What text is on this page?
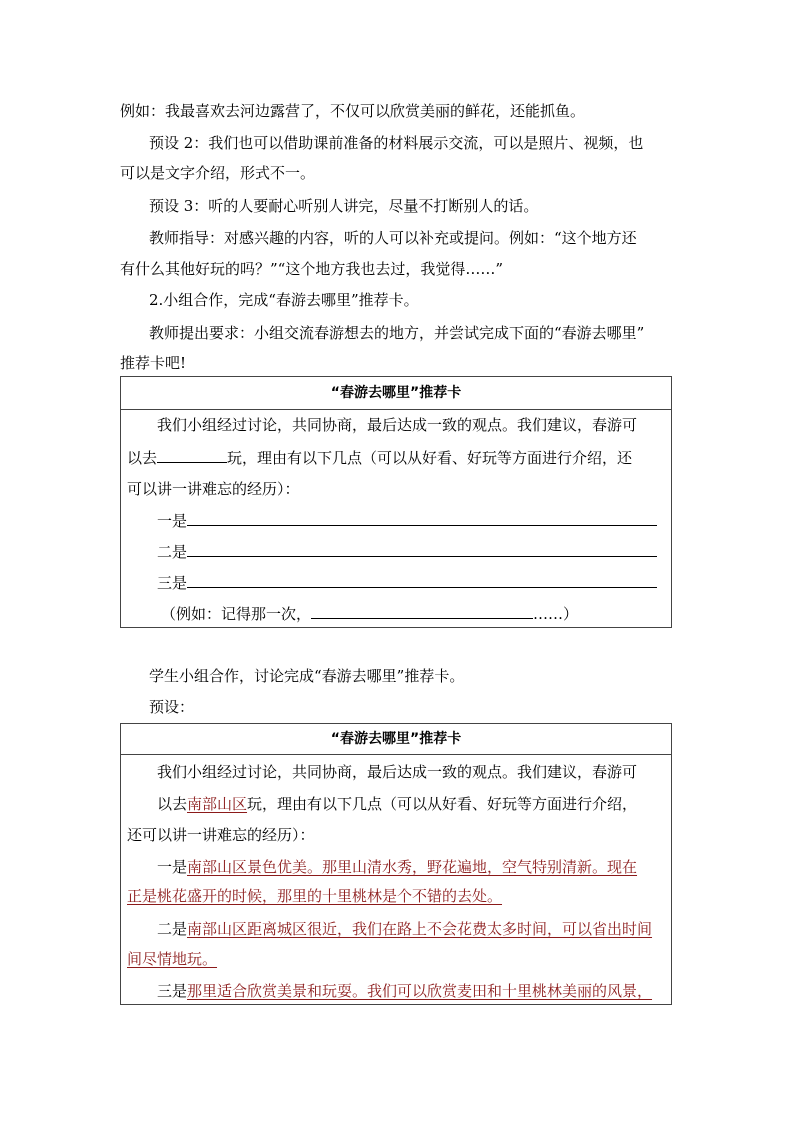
例如：我最喜欢去河边露营了，不仅可以欣赏美丽的鲜花，还能抓鱼。
预设 2：我们也可以借助课前准备的材料展示交流，可以是照片、视频，也
可以是文字介绍，形式不一。
预设 3：听的人要耐心听别人讲完，尽量不打断别人的话。
教师指导：对感兴趣的内容，听的人可以补充或提问。例如：“这个地方还
有什么其他好玩的吗？”“这个地方我也去过，我觉得……”
2.小组合作，完成“春游去哪里”推荐卡。
教师提出要求：小组交流春游想去的地方，并尝试完成下面的“春游去哪里”
推荐卡吧!
“春游去哪里”推荐卡
我们小组经过讨论，共同协商，最后达成一致的观点。我们建议，春游可
以去	玩，理由有以下几点（可以从好看、好玩等方面进行介绍，还
可以讲一讲难忘的经历）：
一是
二是
三是
（例如：记得那一次，	……）
学生小组合作，讨论完成“春游去哪里”推荐卡。
预设：
“春游去哪里”推荐卡
我们小组经过讨论，共同协商，最后达成一致的观点。我们建议，春游可
以去南部山区玩，理由有以下几点（可以从好看、好玩等方面进行介绍，
还可以讲一讲难忘的经历）：
一是南部山区景色优美。那里山清水秀，野花遍地，空气特别清新。现在
正是桃花盛开的时候，那里的十里桃林是个不错的去处。
二是南部山区距离城区很近，我们在路上不会花费太多时间，可以省出时间
间尽情地玩。
三是那里适合欣赏美景和玩耍。我们可以欣赏麦田和十里桃林美丽的风景，
